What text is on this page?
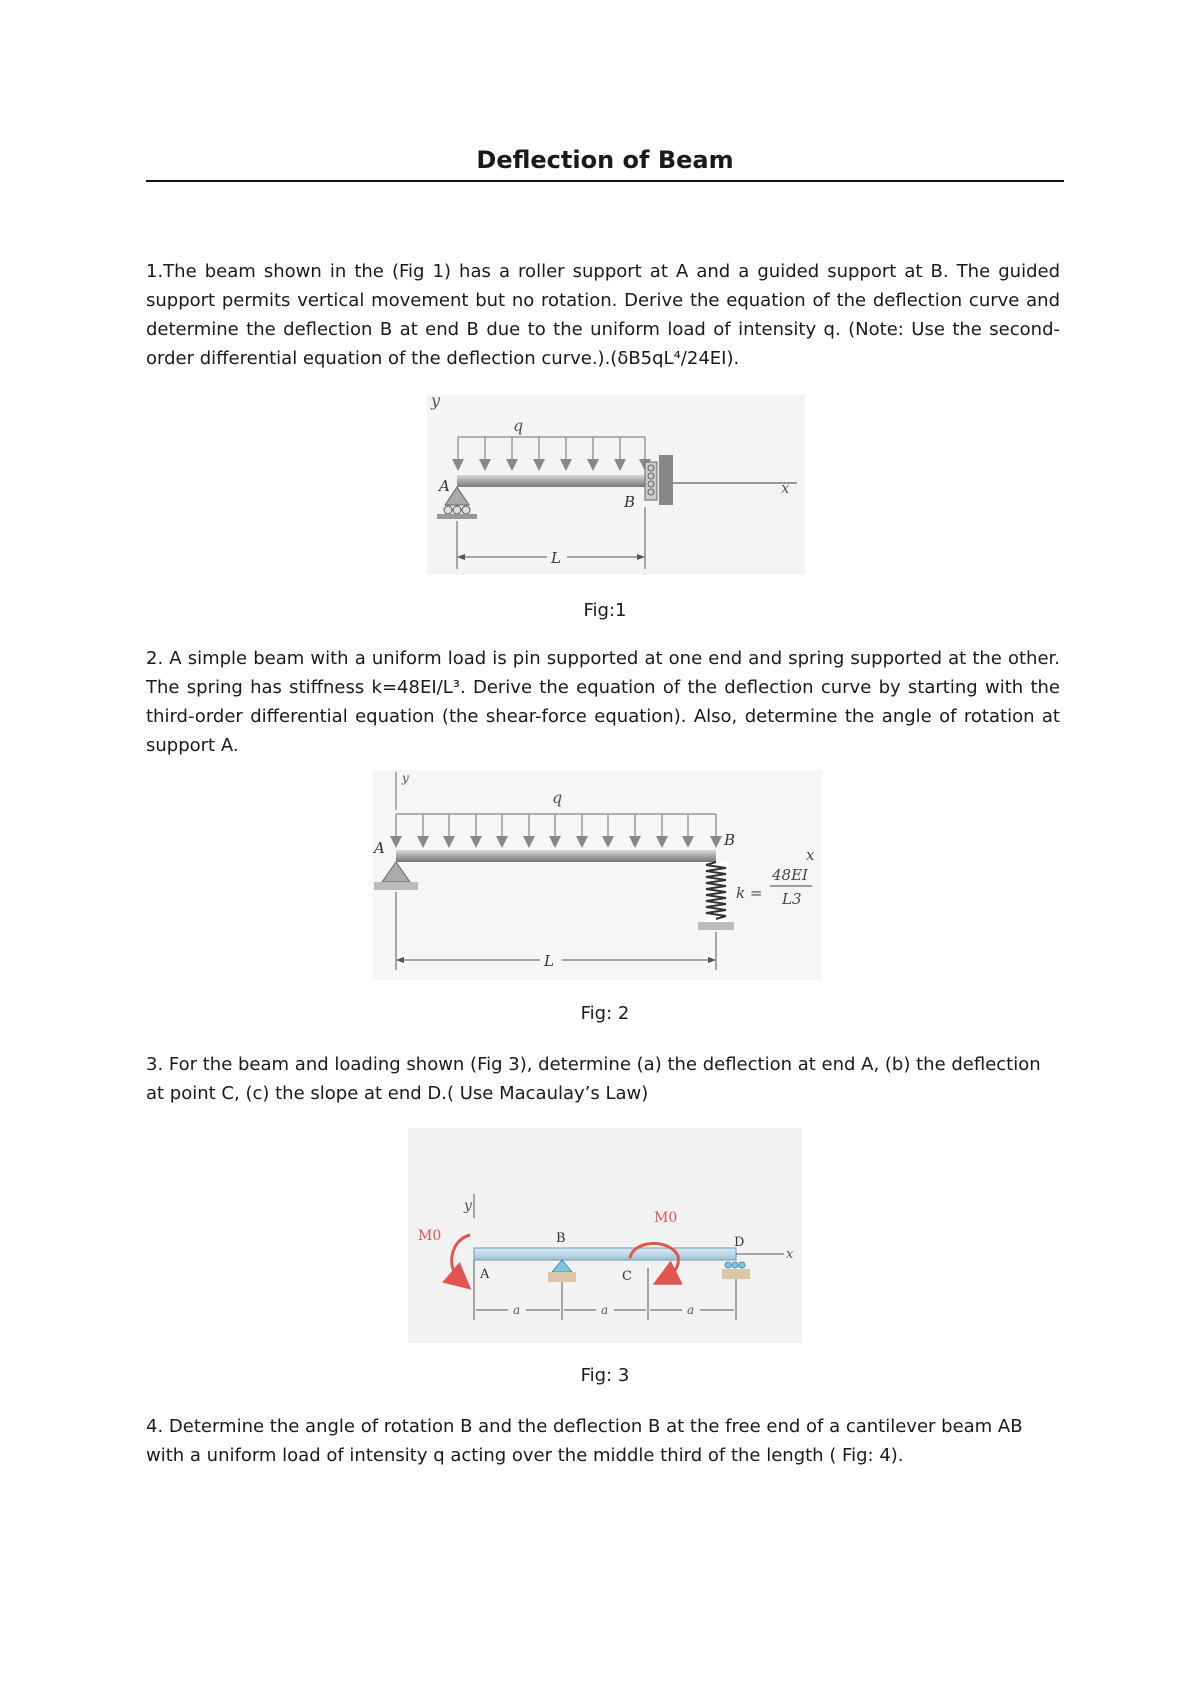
Deflection of Beam
1.The beam shown in the (Fig 1) has a roller support at A and a guided support at B. The guided support permits vertical movement but no rotation. Derive the equation of the deflection curve and determine the deflection B at end B due to the uniform load of intensity q. (Note: Use the second-order differential equation of the deflection curve.).(δB5qL⁴/24EI).
y
q
x
A
B
L
Fig:1
2. A simple beam with a uniform load is pin supported at one end and spring supported at the other. The spring has stiffness k=48EI/L³. Derive the equation of the deflection curve by starting with the third-order differential equation (the shear-force equation). Also, determine the angle of rotation at support A.
y
q
A	B
x
k =
48EI
L3
L
Fig: 2
3. For the beam and loading shown (Fig 3), determine (a) the deflection at end A, (b) the deflection at point C, (c) the slope at end D.( Use Macaulay’s Law)
y
M0
M0
A
B
C
D
x
a	a	a
Fig: 3
4. Determine the angle of rotation B and the deflection B at the free end of a cantilever beam AB with a uniform load of intensity q acting over the middle third of the length ( Fig: 4).
